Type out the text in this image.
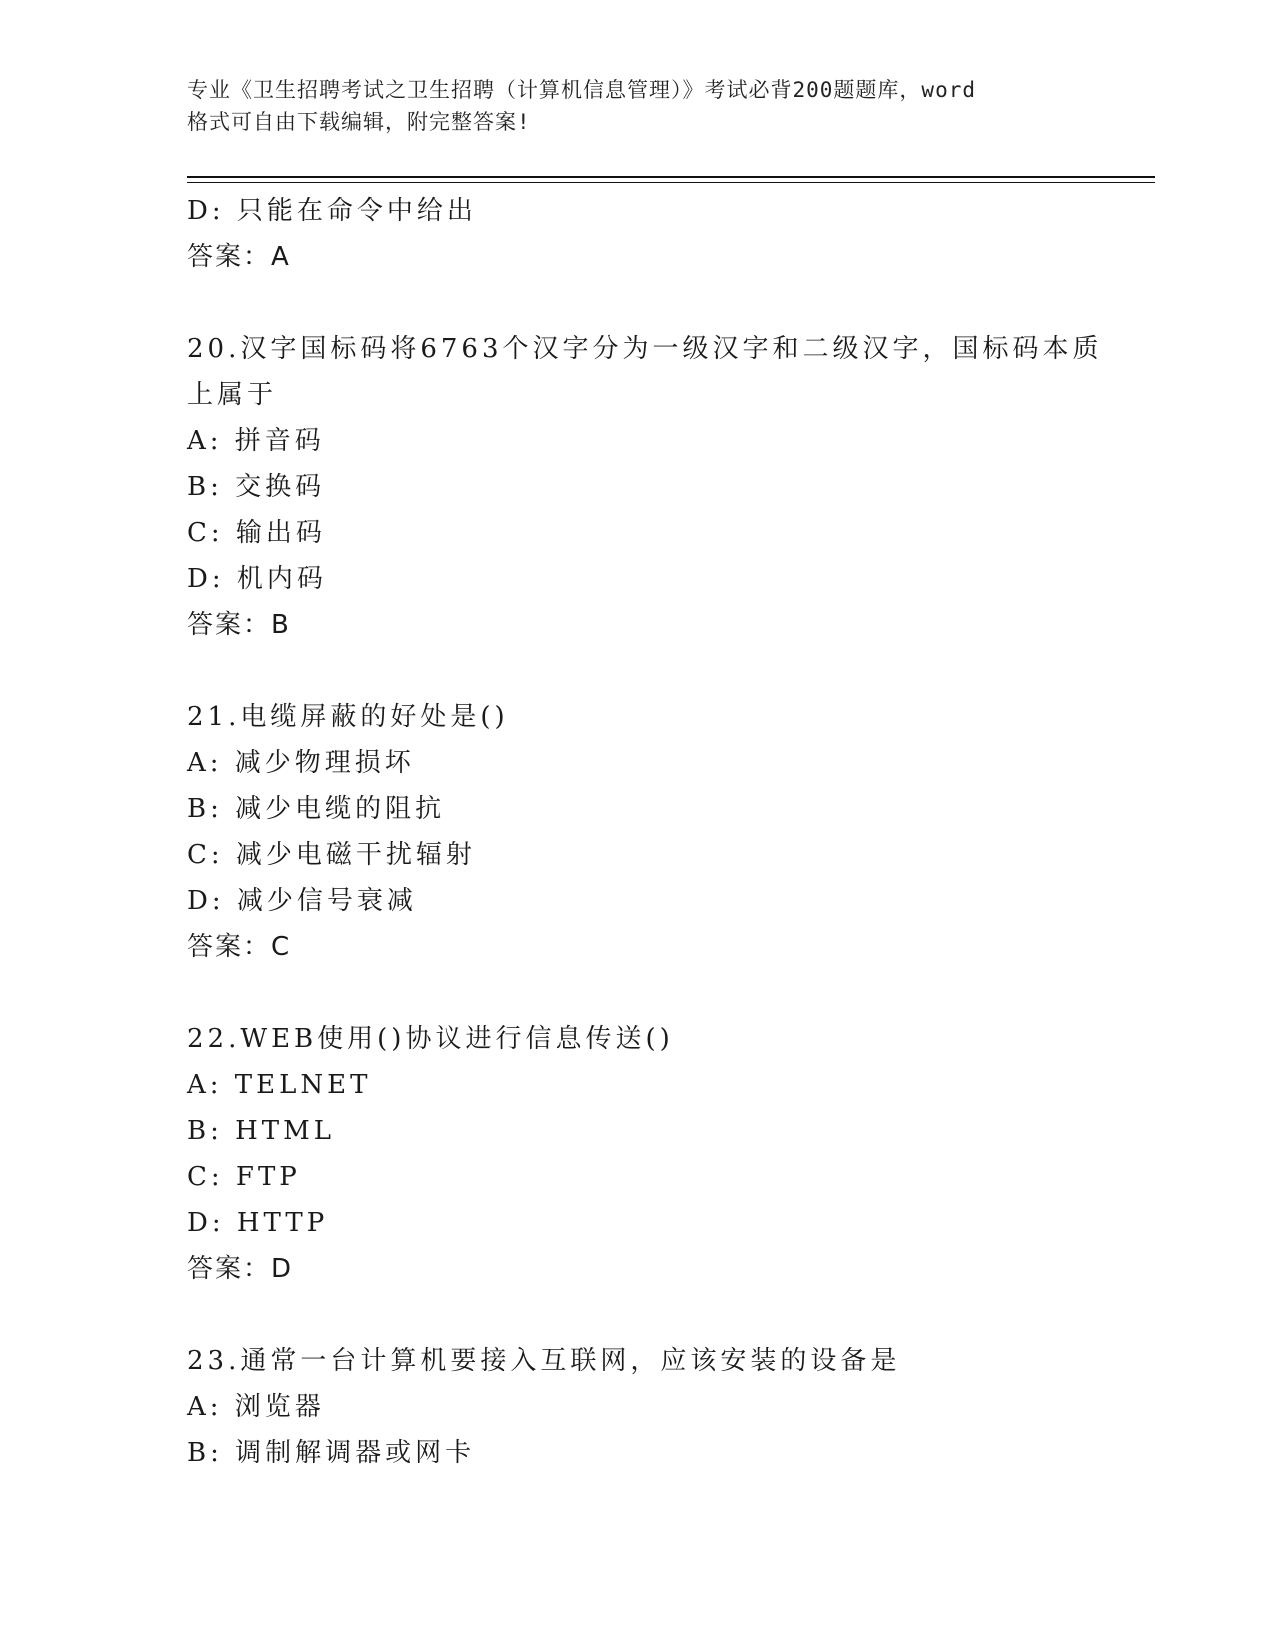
专业《卫生招聘考试之卫生招聘（计算机信息管理）》考试必背200题题库，word
格式可自由下载编辑，附完整答案!
D: 只能在命令中给出
答案：A
20.汉字国标码将6763个汉字分为一级汉字和二级汉字，国标码本质
上属于
A: 拼音码
B: 交换码
C: 输出码
D: 机内码
答案：B
21.电缆屏蔽的好处是()
A: 减少物理损坏
B: 减少电缆的阻抗
C: 减少电磁干扰辐射
D: 减少信号衰减
答案：C
22.WEB使用()协议进行信息传送()
A: TELNET
B: HTML
C: FTP
D: HTTP
答案：D
23.通常一台计算机要接入互联网，应该安装的设备是
A: 浏览器
B: 调制解调器或网卡
